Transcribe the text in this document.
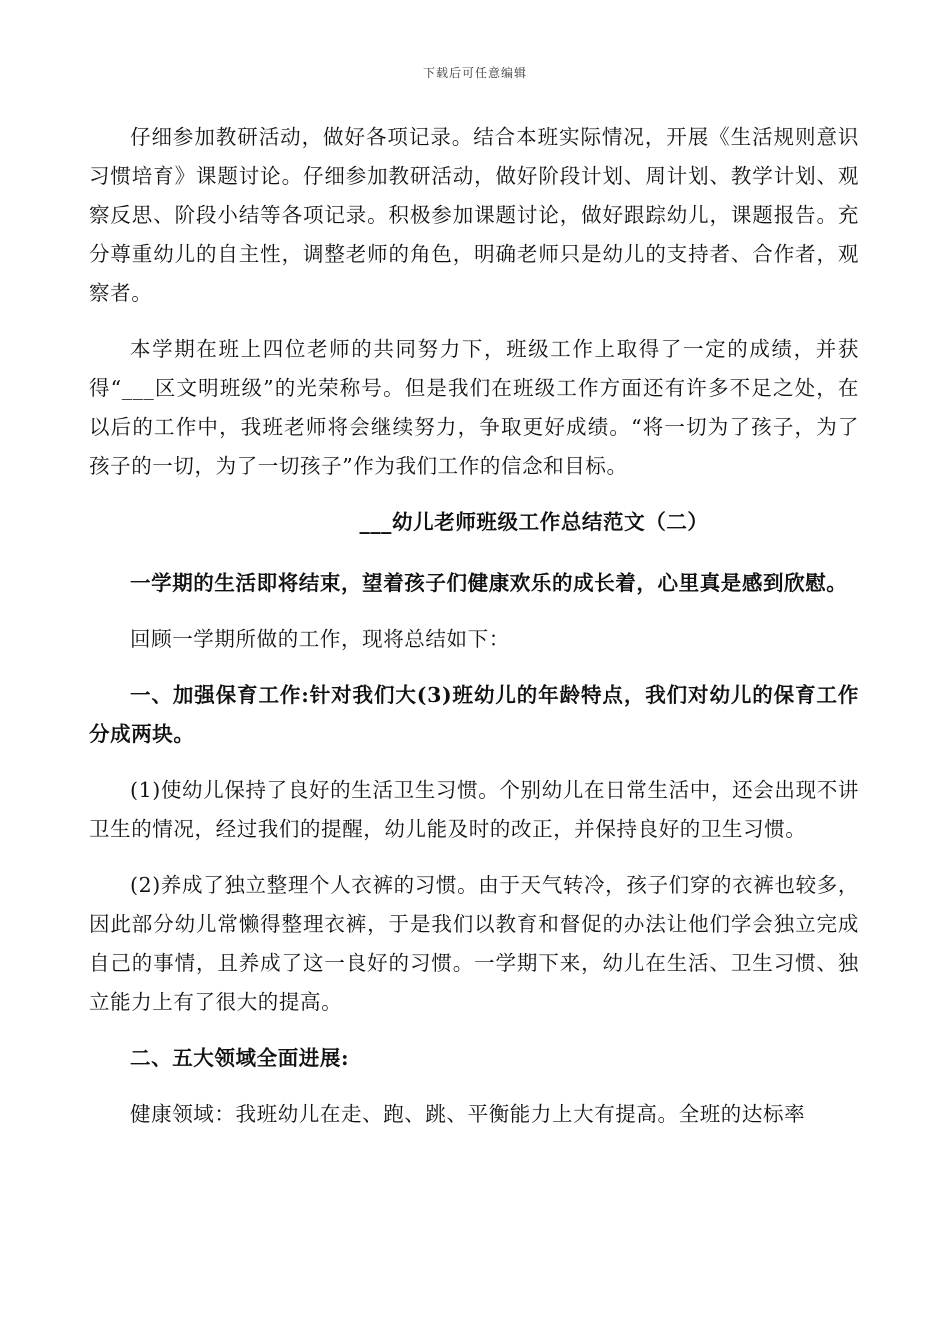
下载后可任意编辑

仔细参加教研活动，做好各项记录。结合本班实际情况，开展《生活规则意识习惯培育》课题讨论。仔细参加教研活动，做好阶段计划、周计划、教学计划、观察反思、阶段小结等各项记录。积极参加课题讨论，做好跟踪幼儿，课题报告。充分尊重幼儿的自主性，调整老师的角色，明确老师只是幼儿的支持者、合作者，观察者。

本学期在班上四位老师的共同努力下，班级工作上取得了一定的成绩，并获得“___区文明班级”的光荣称号。但是我们在班级工作方面还有许多不足之处，在以后的工作中，我班老师将会继续努力，争取更好成绩。“将一切为了孩子，为了孩子的一切，为了一切孩子”作为我们工作的信念和目标。

___幼儿老师班级工作总结范文（二）

一学期的生活即将结束，望着孩子们健康欢乐的成长着，心里真是感到欣慰。

回顾一学期所做的工作，现将总结如下：

一、加强保育工作:针对我们大(3)班幼儿的年龄特点，我们对幼儿的保育工作分成两块。

(1)使幼儿保持了良好的生活卫生习惯。个别幼儿在日常生活中，还会出现不讲卫生的情况，经过我们的提醒，幼儿能及时的改正，并保持良好的卫生习惯。

(2)养成了独立整理个人衣裤的习惯。由于天气转冷，孩子们穿的衣裤也较多，因此部分幼儿常懒得整理衣裤，于是我们以教育和督促的办法让他们学会独立完成自己的事情，且养成了这一良好的习惯。一学期下来，幼儿在生活、卫生习惯、独立能力上有了很大的提高。

二、五大领域全面进展:

健康领域：我班幼儿在走、跑、跳、平衡能力上大有提高。全班的达标率
